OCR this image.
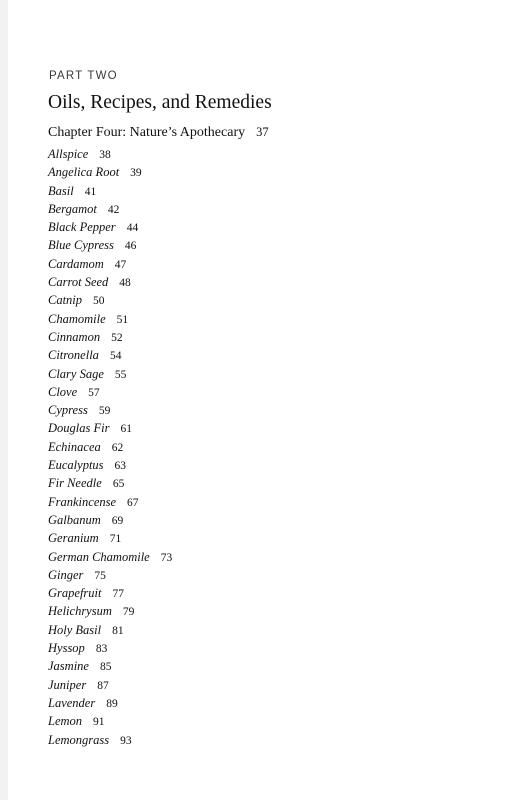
PART TWO
Oils, Recipes, and Remedies
Chapter Four: Nature’s Apothecary 37
Allspice 38
Angelica Root 39
Basil 41
Bergamot 42
Black Pepper 44
Blue Cypress 46
Cardamom 47
Carrot Seed 48
Catnip 50
Chamomile 51
Cinnamon 52
Citronella 54
Clary Sage 55
Clove 57
Cypress 59
Douglas Fir 61
Echinacea 62
Eucalyptus 63
Fir Needle 65
Frankincense 67
Galbanum 69
Geranium 71
German Chamomile 73
Ginger 75
Grapefruit 77
Helichrysum 79
Holy Basil 81
Hyssop 83
Jasmine 85
Juniper 87
Lavender 89
Lemon 91
Lemongrass 93
